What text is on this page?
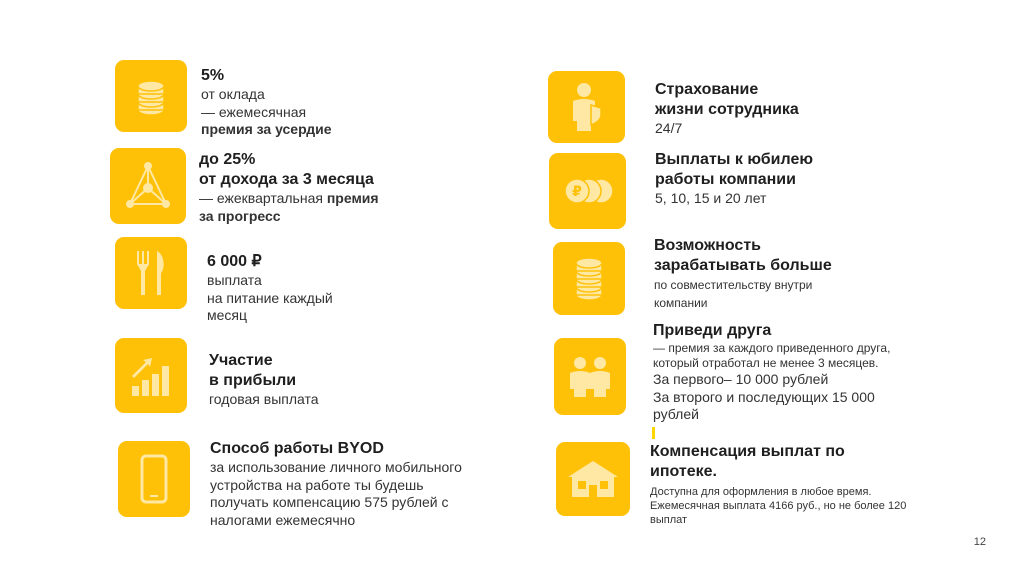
5%
от оклада
— ежемесячная
премия за усердие
до 25%
от дохода за 3 месяца
— ежеквартальная премия
за прогресс
6 000 ₽
выплата
на питание каждый
месяц
Участие
в прибыли
годовая выплата
Способ работы BYOD
за использование личного мобильного
устройства на работе ты будешь
получать компенсацию 575 рублей с
налогами ежемесячно
Страхование
жизни сотрудника
24/7
₽
Выплаты к юбилею
работы компании
5, 10, 15 и 20 лет
Возможность
зарабатывать больше
по совместительству внутри
компании
Приведи друга
— премия за каждого приведенного друга,
который отработал не менее 3 месяцев.
За первого– 10 000 рублей
За второго и последующих 15 000
рублей
Компенсация выплат по
ипотеке.
Доступна для оформления в любое время.
Ежемесячная выплата 4166 руб., но не более 120
выплат
12
